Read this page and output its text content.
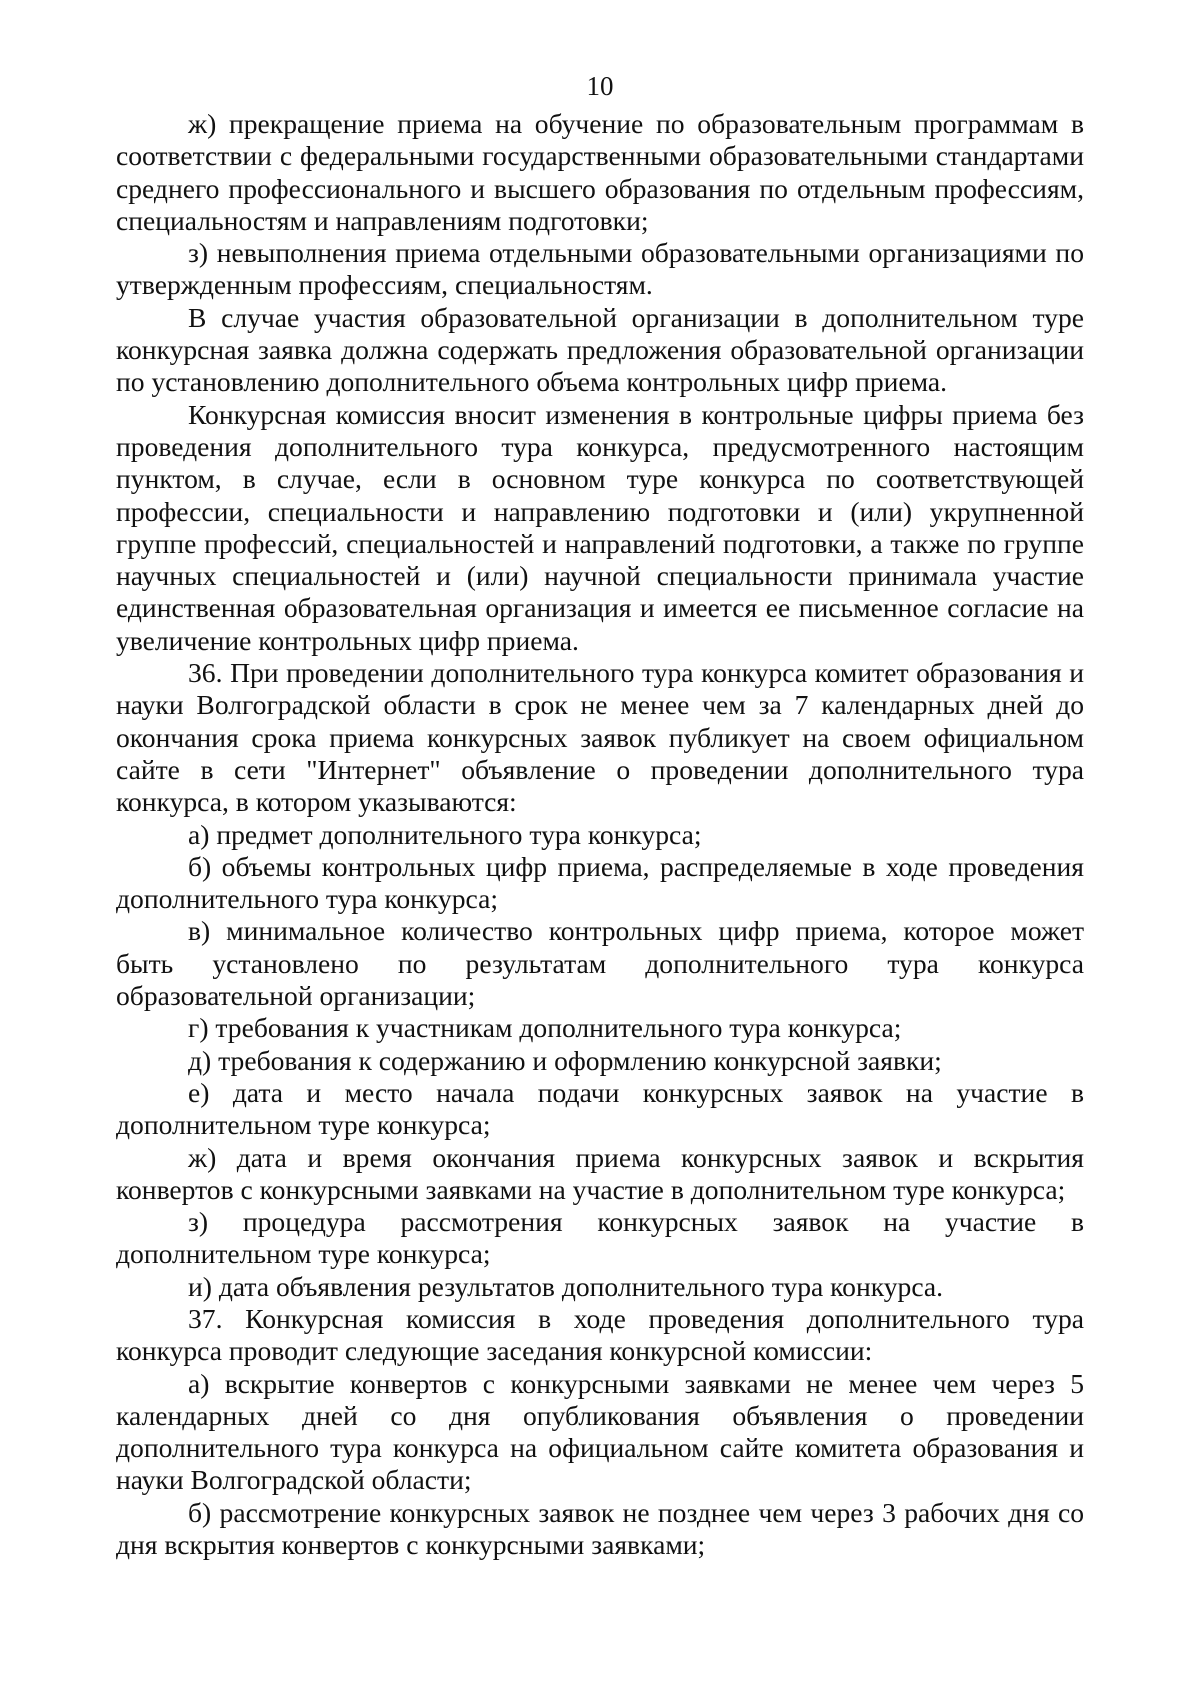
10

ж) прекращение приема на обучение по образовательным программам в соответствии с федеральными государственными образовательными стандартами среднего профессионального и высшего образования по отдельным профессиям, специальностям и направлениям подготовки;

з) невыполнения приема отдельными образовательными организациями по утвержденным профессиям, специальностям.

В случае участия образовательной организации в дополнительном туре конкурсная заявка должна содержать предложения образовательной организации по установлению дополнительного объема контрольных цифр приема.

Конкурсная комиссия вносит изменения в контрольные цифры приема без проведения дополнительного тура конкурса, предусмотренного настоящим пунктом, в случае, если в основном туре конкурса по соответствующей профессии, специальности и направлению подготовки и (или) укрупненной группе профессий, специальностей и направлений подготовки, а также по группе научных специальностей и (или) научной специальности принимала участие единственная образовательная организация и имеется ее письменное согласие на увеличение контрольных цифр приема.

36. При проведении дополнительного тура конкурса комитет образования и науки Волгоградской области в срок не менее чем за 7 календарных дней до окончания срока приема конкурсных заявок публикует на своем официальном сайте в сети "Интернет" объявление о проведении дополнительного тура конкурса, в котором указываются:

а) предмет дополнительного тура конкурса;

б) объемы контрольных цифр приема, распределяемые в ходе проведения дополнительного тура конкурса;

в) минимальное количество контрольных цифр приема, которое может быть установлено по результатам дополнительного тура конкурса образовательной организации;

г) требования к участникам дополнительного тура конкурса;

д) требования к содержанию и оформлению конкурсной заявки;

е) дата и место начала подачи конкурсных заявок на участие в дополнительном туре конкурса;

ж) дата и время окончания приема конкурсных заявок и вскрытия конвертов с конкурсными заявками на участие в дополнительном туре конкурса;

з) процедура рассмотрения конкурсных заявок на участие в дополнительном туре конкурса;

и) дата объявления результатов дополнительного тура конкурса.

37. Конкурсная комиссия в ходе проведения дополнительного тура конкурса проводит следующие заседания конкурсной комиссии:

а) вскрытие конвертов с конкурсными заявками не менее чем через 5 календарных дней со дня опубликования объявления о проведении дополнительного тура конкурса на официальном сайте комитета образования и науки Волгоградской области;

б) рассмотрение конкурсных заявок не позднее чем через 3 рабочих дня со дня вскрытия конвертов с конкурсными заявками;
